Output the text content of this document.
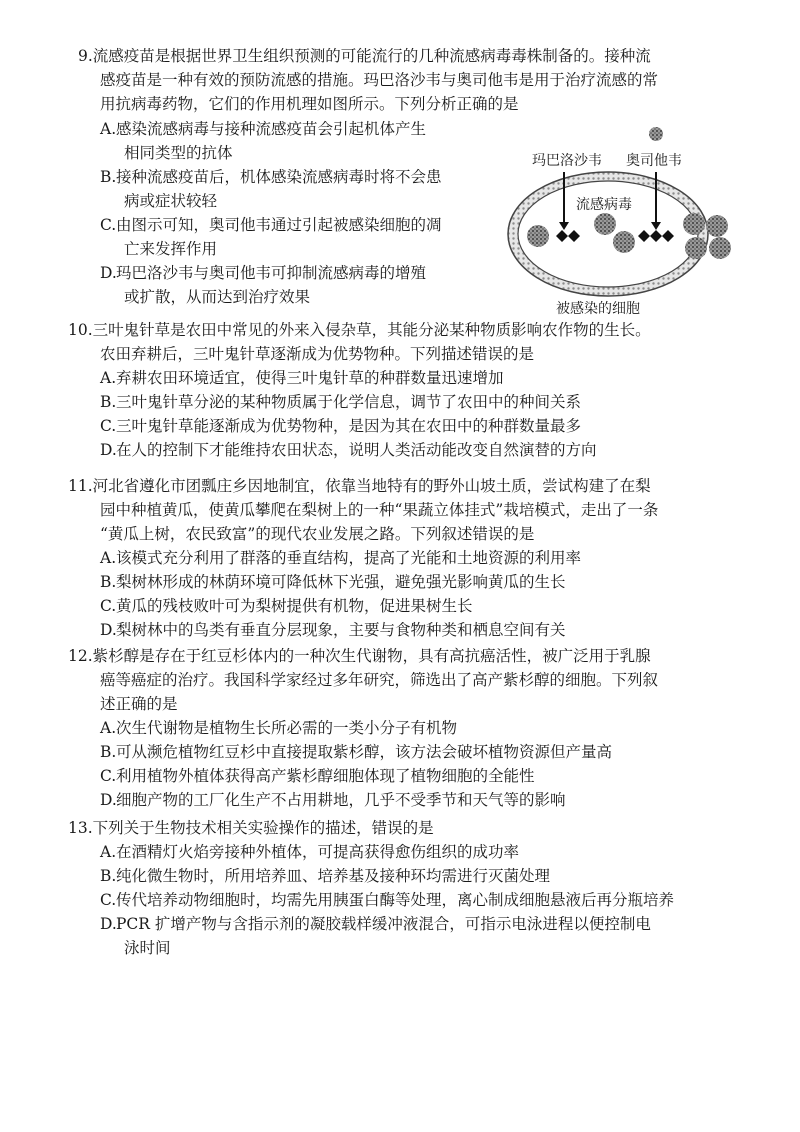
9.流感疫苗是根据世界卫生组织预测的可能流行的几种流感病毒毒株制备的。接种流
感疫苗是一种有效的预防流感的措施。玛巴洛沙韦与奥司他韦是用于治疗流感的常
用抗病毒药物，它们的作用机理如图所示。下列分析正确的是
A. 感染流感病毒与接种流感疫苗会引起机体产生
相同类型的抗体
B. 接种流感疫苗后，机体感染流感病毒时将不会患
病或症状较轻
C. 由图示可知，奥司他韦通过引起被感染细胞的凋
亡来发挥作用
D. 玛巴洛沙韦与奥司他韦可抑制流感病毒的增殖
或扩散，从而达到治疗效果
玛巴洛沙韦 奥司他韦
流感病毒
被感染的细胞
10.三叶鬼针草是农田中常见的外来入侵杂草，其能分泌某种物质影响农作物的生长。
农田弃耕后，三叶鬼针草逐渐成为优势物种。下列描述错误的是
A. 弃耕农田环境适宜，使得三叶鬼针草的种群数量迅速增加
B. 三叶鬼针草分泌的某种物质属于化学信息，调节了农田中的种间关系
C. 三叶鬼针草能逐渐成为优势物种，是因为其在农田中的种群数量最多
D. 在人的控制下才能维持农田状态，说明人类活动能改变自然演替的方向
11.河北省遵化市团瓢庄乡因地制宜，依靠当地特有的野外山坡土质，尝试构建了在梨
园中种植黄瓜，使黄瓜攀爬在梨树上的一种“果蔬立体挂式”栽培模式，走出了一条
“黄瓜上树，农民致富”的现代农业发展之路。下列叙述错误的是
A. 该模式充分利用了群落的垂直结构，提高了光能和土地资源的利用率
B. 梨树林形成的林荫环境可降低林下光强，避免强光影响黄瓜的生长
C. 黄瓜的残枝败叶可为梨树提供有机物，促进果树生长
D. 梨树林中的鸟类有垂直分层现象，主要与食物种类和栖息空间有关
12.紫杉醇是存在于红豆杉体内的一种次生代谢物，具有高抗癌活性，被广泛用于乳腺
癌等癌症的治疗。我国科学家经过多年研究，筛选出了高产紫杉醇的细胞。下列叙
述正确的是
A. 次生代谢物是植物生长所必需的一类小分子有机物
B. 可从濒危植物红豆杉中直接提取紫杉醇，该方法会破坏植物资源但产量高
C. 利用植物外植体获得高产紫杉醇细胞体现了植物细胞的全能性
D. 细胞产物的工厂化生产不占用耕地，几乎不受季节和天气等的影响
13.下列关于生物技术相关实验操作的描述，错误的是
A. 在酒精灯火焰旁接种外植体，可提高获得愈伤组织的成功率
B. 纯化微生物时，所用培养皿、培养基及接种环均需进行灭菌处理
C. 传代培养动物细胞时，均需先用胰蛋白酶等处理，离心制成细胞悬液后再分瓶培养
D. PCR 扩增产物与含指示剂的凝胶载样缓冲液混合，可指示电泳进程以便控制电
泳时间
